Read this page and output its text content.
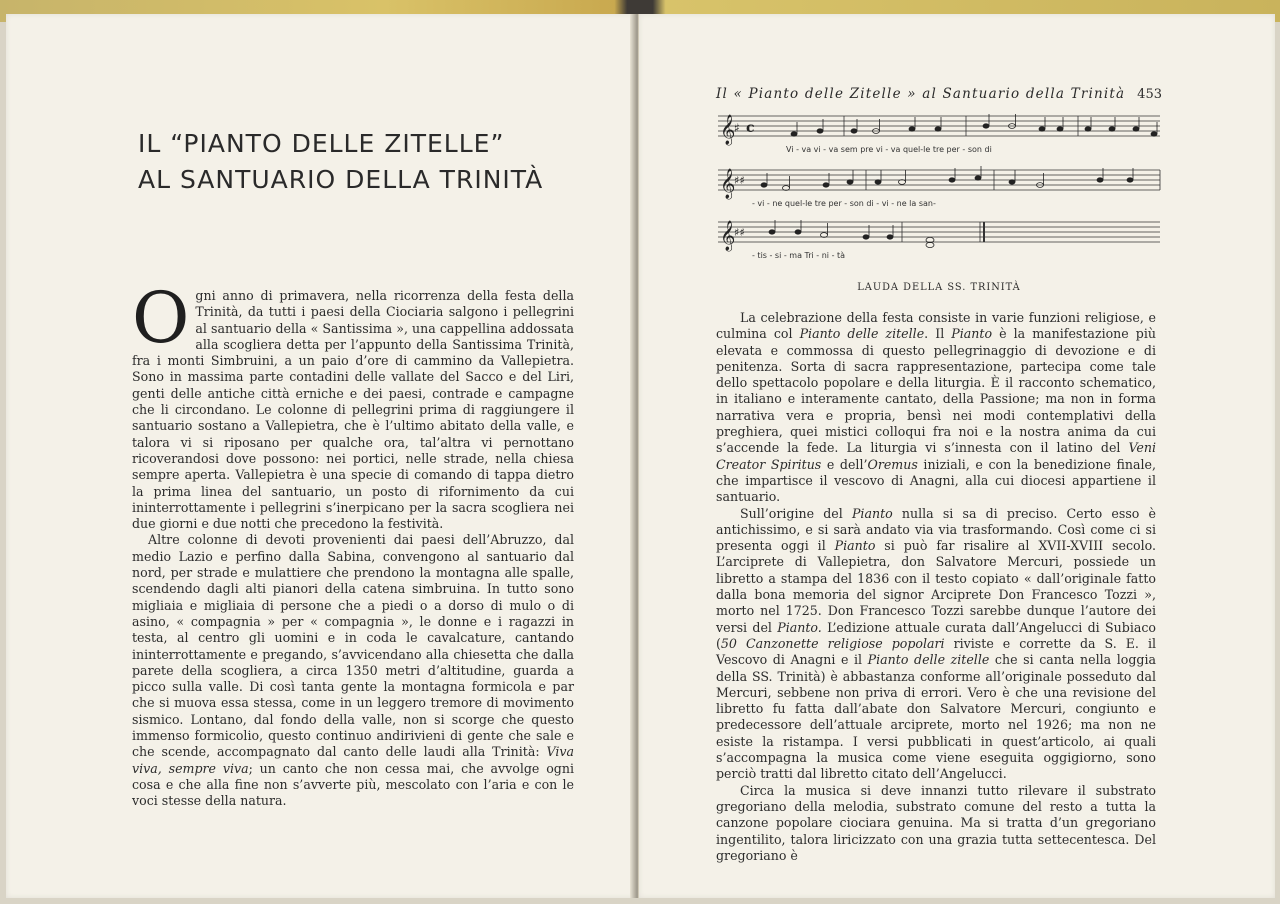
IL “PIANTO DELLE ZITELLE”
AL SANTUARIO DELLA TRINITÀ

Ogni anno di primavera, nella ricorrenza della festa della Trinità, da tutti i paesi della Ciociaria salgono i pellegrini al santuario della « Santissima », una cappellina addossata alla scogliera detta per l’appunto della Santissima Trinità, fra i monti Simbruini, a un paio d’ore di cammino da Vallepietra. Sono in massima parte contadini delle vallate del Sacco e del Liri, genti delle antiche città erniche e dei paesi, contrade e campagne che li circondano. Le colonne di pellegrini prima di raggiungere il santuario sostano a Vallepietra, che è l’ultimo abitato della valle, e talora vi si riposano per qualche ora, tal’altra vi pernottano ricoverandosi dove possono: nei portici, nelle strade, nella chiesa sempre aperta. Vallepietra è una specie di comando di tappa dietro la prima linea del santuario, un posto di rifornimento da cui ininterrottamente i pellegrini s’inerpicano per la sacra scogliera nei due giorni e due notti che precedono la festività.

Altre colonne di devoti provenienti dai paesi dell’Abruzzo, dal medio Lazio e perfino dalla Sabina, convengono al santuario dal nord, per strade e mulattiere che prendono la montagna alle spalle, scendendo dagli alti pianori della catena simbruina. In tutto sono migliaia e migliaia di persone che a piedi o a dorso di mulo o di asino, « compagnia » per « compagnia », le donne e i ragazzi in testa, al centro gli uomini e in coda le cavalcature, cantando ininterrottamente e pregando, s’avvicendano alla chiesetta che dalla parete della scogliera, a circa 1350 metri d’altitudine, guarda a picco sulla valle. Di così tanta gente la montagna formicola e par che si muova essa stessa, come in un leggero tremore di movimento sismico. Lontano, dal fondo della valle, non si scorge che questo immenso formicolio, questo continuo andirivieni di gente che sale e che scende, accompagnato dal canto delle laudi alla Trinità: Viva viva, sempre viva; un canto che non cessa mai, che avvolge ogni cosa e che alla fine non s’avverte più, mescolato con l’aria e con le voci stesse della natura.

Il « Pianto delle Zitelle » al Santuario della Trinità 453
𝄞
♯ c
𝄞
♯♯
𝄞
♯♯
Vi - va vi - va sem pre vi - va quel-le tre per - son di
- vi - ne quel-le tre per - son di - vi - ne la san-
- tis - si - ma Tri - ni - tà
LAUDA DELLA SS. TRINITÀ

La celebrazione della festa consiste in varie funzioni religiose, e culmina col Pianto delle zitelle. Il Pianto è la manifestazione più elevata e commossa di questo pellegrinaggio di devozione e di penitenza. Sorta di sacra rappresentazione, partecipa come tale dello spettacolo popolare e della liturgia. È il racconto schematico, in italiano e interamente cantato, della Passione; ma non in forma narrativa vera e propria, bensì nei modi contemplativi della preghiera, quei mistici colloqui fra noi e la nostra anima da cui s’accende la fede. La liturgia vi s’innesta con il latino del Veni Creator Spiritus e dell’Oremus iniziali, e con la benedizione finale, che impartisce il vescovo di Anagni, alla cui diocesi appartiene il santuario.

Sull’origine del Pianto nulla si sa di preciso. Certo esso è antichissimo, e si sarà andato via via trasformando. Così come ci si presenta oggi il Pianto si può far risalire al XVII-XVIII secolo. L’arciprete di Vallepietra, don Salvatore Mercuri, possiede un libretto a stampa del 1836 con il testo copiato « dall’originale fatto dalla bona memoria del signor Arciprete Don Francesco Tozzi », morto nel 1725. Don Francesco Tozzi sarebbe dunque l’autore dei versi del Pianto. L’edizione attuale curata dall’Angelucci di Subiaco (50 Canzonette religiose popolari riviste e corrette da S. E. il Vescovo di Anagni e il Pianto delle zitelle che si canta nella loggia della SS. Trinità) è abbastanza conforme all’originale posseduto dal Mercuri, sebbene non priva di errori. Vero è che una revisione del libretto fu fatta dall’abate don Salvatore Mercuri, congiunto e predecessore dell’attuale arciprete, morto nel 1926; ma non ne esiste la ristampa. I versi pubblicati in quest’articolo, ai quali s’accompagna la musica come viene eseguita oggigiorno, sono perciò tratti dal libretto citato dell’Angelucci.

Circa la musica si deve innanzi tutto rilevare il substrato gregoriano della melodia, substrato comune del resto a tutta la canzone popolare ciociara genuina. Ma si tratta d’un gregoriano ingentilito, talora liricizzato con una grazia tutta settecentesca. Del gregoriano è
